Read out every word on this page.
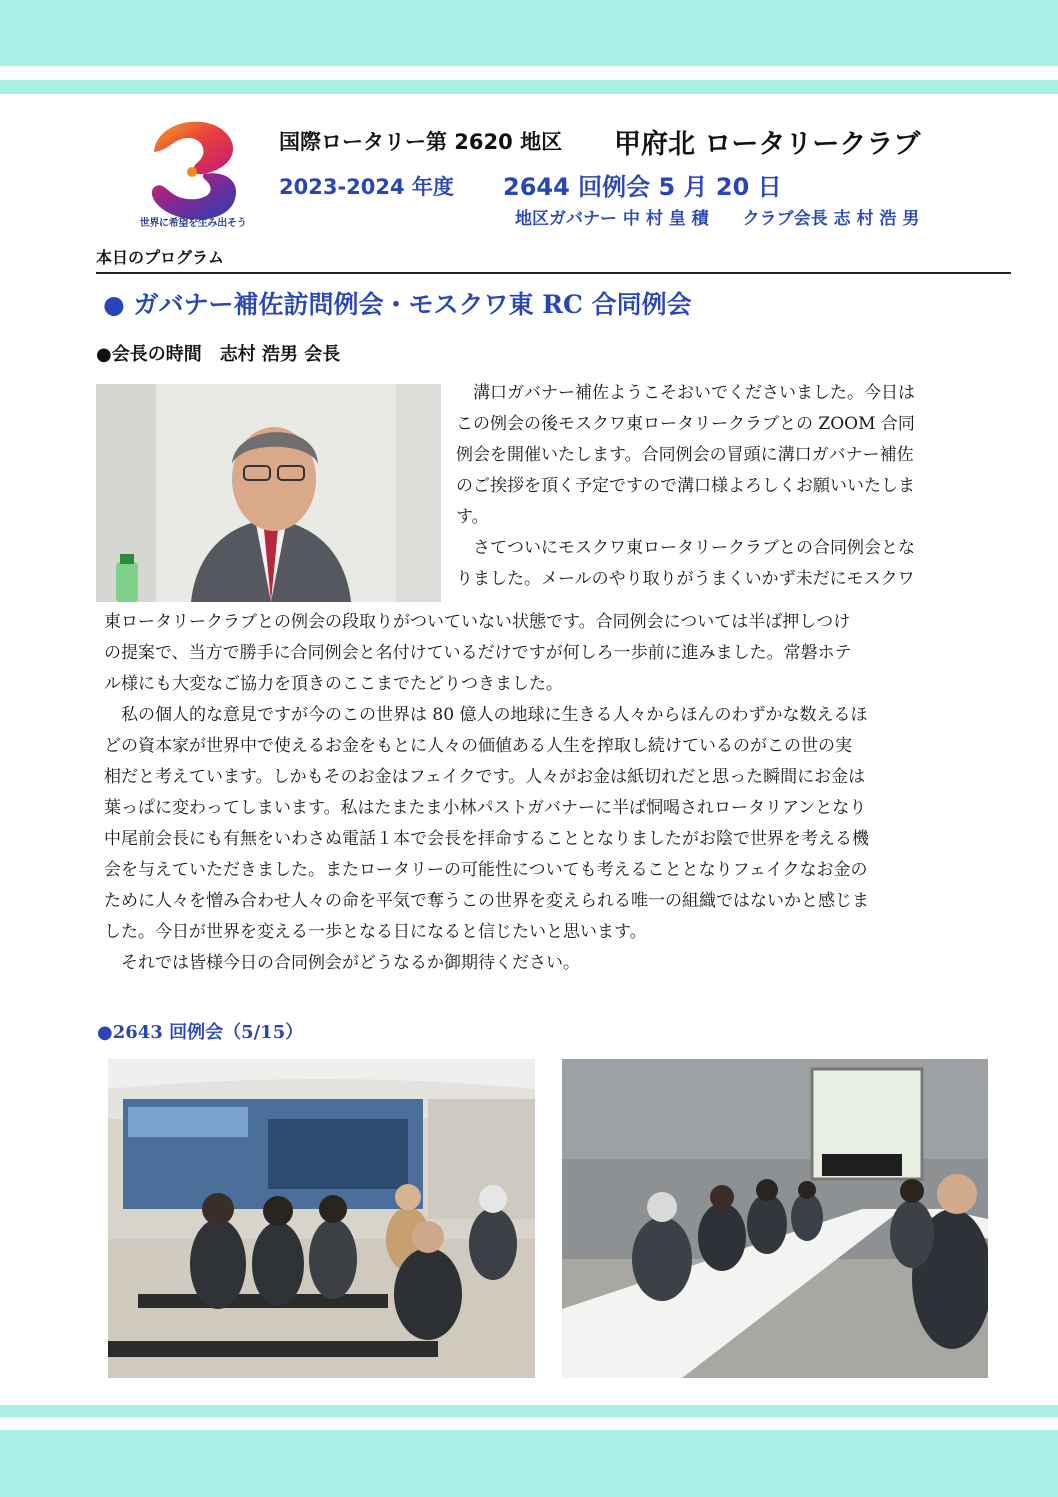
世界に希望を生み出そう
国際ロータリー第 2620 地区 甲府北 ロータリークラブ
2023-2024 年度 2644 回例会 5 月 20 日
地区ガバナー 中 村 皇 積　　クラブ会長 志 村 浩 男
本日のプログラム
● ガバナー補佐訪問例会・モスクワ東 RC 合同例会
●会長の時間　志村 浩男 会長
　溝口ガバナー補佐ようこそおいでくださいました。今日は
この例会の後モスクワ東ロータリークラブとの ZOOM 合同
例会を開催いたします。合同例会の冒頭に溝口ガバナー補佐
のご挨拶を頂く予定ですので溝口様よろしくお願いいたしま
す。
　さてついにモスクワ東ロータリークラブとの合同例会とな
りました。メールのやり取りがうまくいかず未だにモスクワ
東ロータリークラブとの例会の段取りがついていない状態です。合同例会については半ば押しつけ
の提案で、当方で勝手に合同例会と名付けているだけですが何しろ一歩前に進みました。常磐ホテ
ル様にも大変なご協力を頂きのここまでたどりつきました。
　私の個人的な意見ですが今のこの世界は 80 億人の地球に生きる人々からほんのわずかな数えるほ
どの資本家が世界中で使えるお金をもとに人々の価値ある人生を搾取し続けているのがこの世の実
相だと考えています。しかもそのお金はフェイクです。人々がお金は紙切れだと思った瞬間にお金は
葉っぱに変わってしまいます。私はたまたま小林パストガバナーに半ば恫喝されロータリアンとなり
中尾前会長にも有無をいわさぬ電話１本で会長を拝命することとなりましたがお陰で世界を考える機
会を与えていただきました。またロータリーの可能性についても考えることとなりフェイクなお金の
ために人々を憎み合わせ人々の命を平気で奪うこの世界を変えられる唯一の組織ではないかと感じま
した。今日が世界を変える一歩となる日になると信じたいと思います。
　それでは皆様今日の合同例会がどうなるか御期待ください。
●2643 回例会（5/15）
